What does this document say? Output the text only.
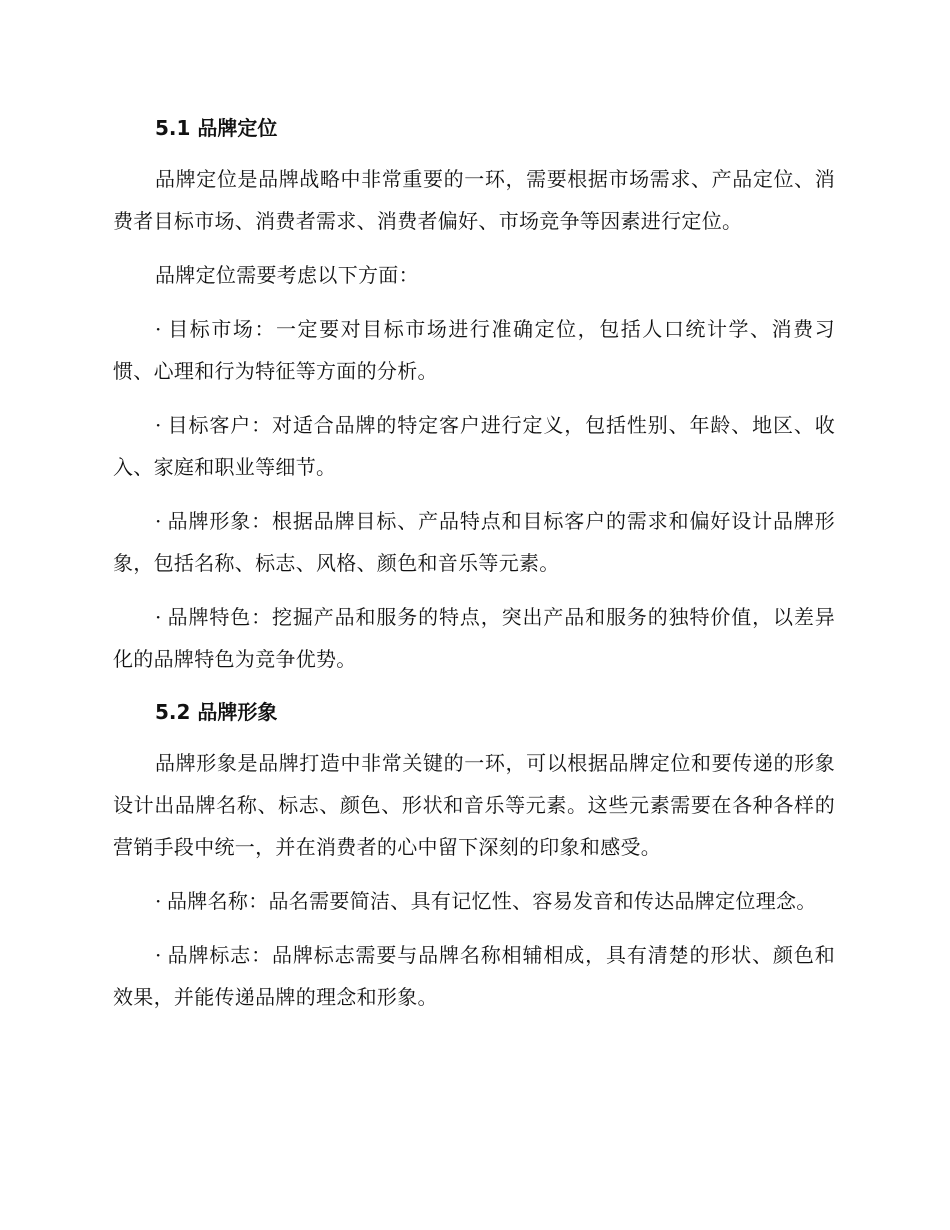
5.1 品牌定位

品牌定位是品牌战略中非常重要的一环，需要根据市场需求、产品定位、消费者目标市场、消费者需求、消费者偏好、市场竞争等因素进行定位。

品牌定位需要考虑以下方面：

· 目标市场：一定要对目标市场进行准确定位，包括人口统计学、消费习惯、心理和行为特征等方面的分析。

· 目标客户：对适合品牌的特定客户进行定义，包括性别、年龄、地区、收入、家庭和职业等细节。

· 品牌形象：根据品牌目标、产品特点和目标客户的需求和偏好设计品牌形象，包括名称、标志、风格、颜色和音乐等元素。

· 品牌特色：挖掘产品和服务的特点，突出产品和服务的独特价值，以差异化的品牌特色为竞争优势。

5.2 品牌形象

品牌形象是品牌打造中非常关键的一环，可以根据品牌定位和要传递的形象设计出品牌名称、标志、颜色、形状和音乐等元素。这些元素需要在各种各样的营销手段中统一，并在消费者的心中留下深刻的印象和感受。

· 品牌名称：品名需要简洁、具有记忆性、容易发音和传达品牌定位理念。

· 品牌标志：品牌标志需要与品牌名称相辅相成，具有清楚的形状、颜色和效果，并能传递品牌的理念和形象。
